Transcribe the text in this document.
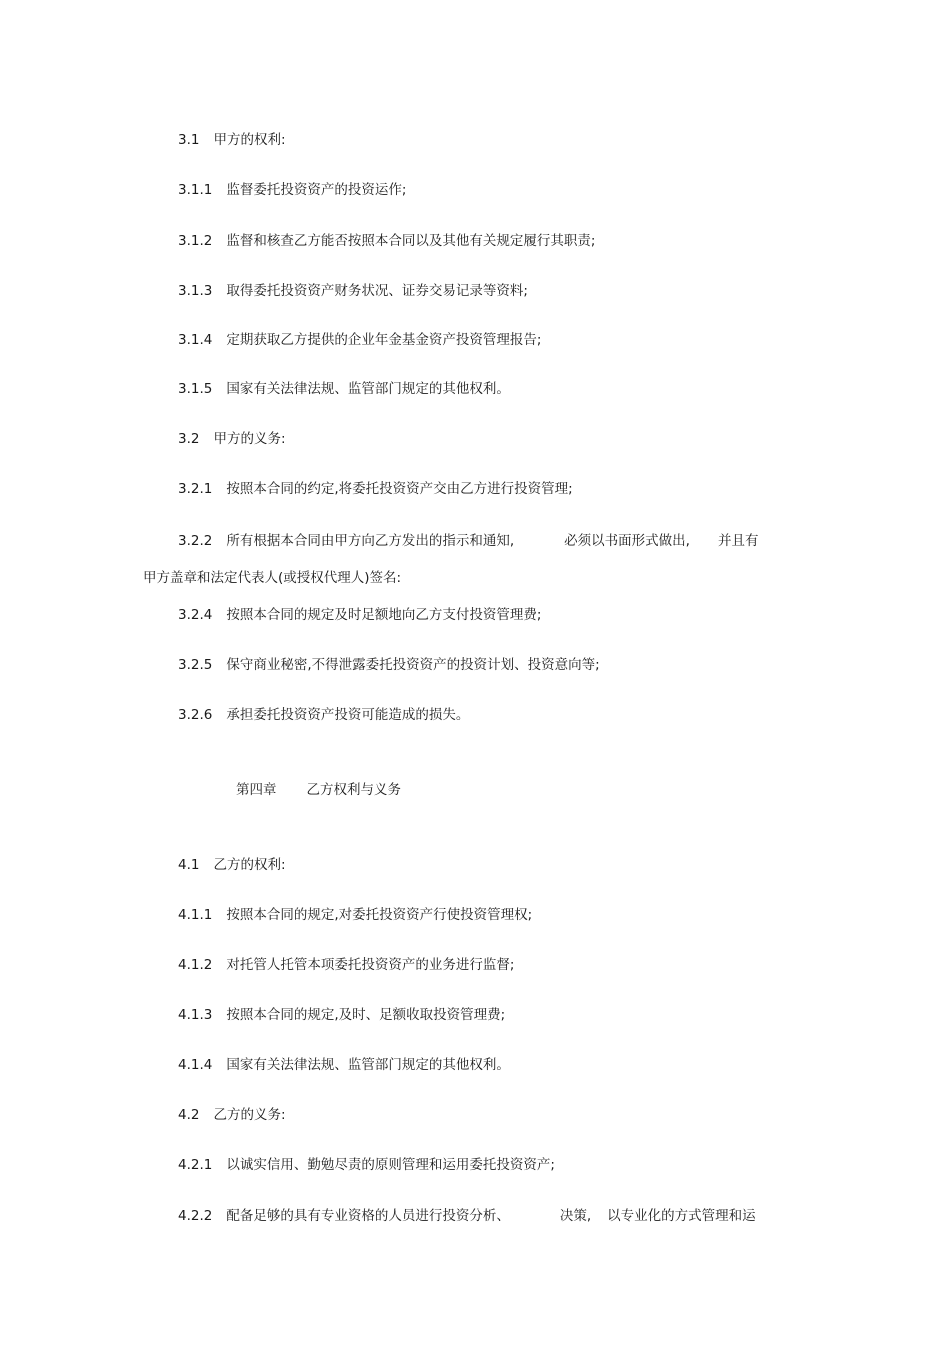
3.1 甲方的权利:
3.1.1 监督委托投资资产的投资运作;
3.1.2 监督和核查乙方能否按照本合同以及其他有关规定履行其职责;
3.1.3 取得委托投资资产财务状况、证券交易记录等资料;
3.1.4 定期获取乙方提供的企业年金基金资产投资管理报告;
3.1.5 国家有关法律法规、监管部门规定的其他权利。
3.2 甲方的义务:
3.2.1 按照本合同的约定,将委托投资资产交由乙方进行投资管理;
3.2.2 所有根据本合同由甲方向乙方发出的指示和通知,	必须以书面形式做出, 并且有
甲方盖章和法定代表人(或授权代理人)签名:
3.2.4 按照本合同的规定及时足额地向乙方支付投资管理费;
3.2.5 保守商业秘密,不得泄露委托投资资产的投资计划、投资意向等;
3.2.6 承担委托投资资产投资可能造成的损失。
第四章 乙方权利与义务
4.1 乙方的权利:
4.1.1 按照本合同的规定,对委托投资资产行使投资管理权;
4.1.2 对托管人托管本项委托投资资产的业务进行监督;
4.1.3 按照本合同的规定,及时、足额收取投资管理费;
4.1.4 国家有关法律法规、监管部门规定的其他权利。
4.2 乙方的义务:
4.2.1 以诚实信用、勤勉尽责的原则管理和运用委托投资资产;
4.2.2 配备足够的具有专业资格的人员进行投资分析、	决策, 以专业化的方式管理和运
